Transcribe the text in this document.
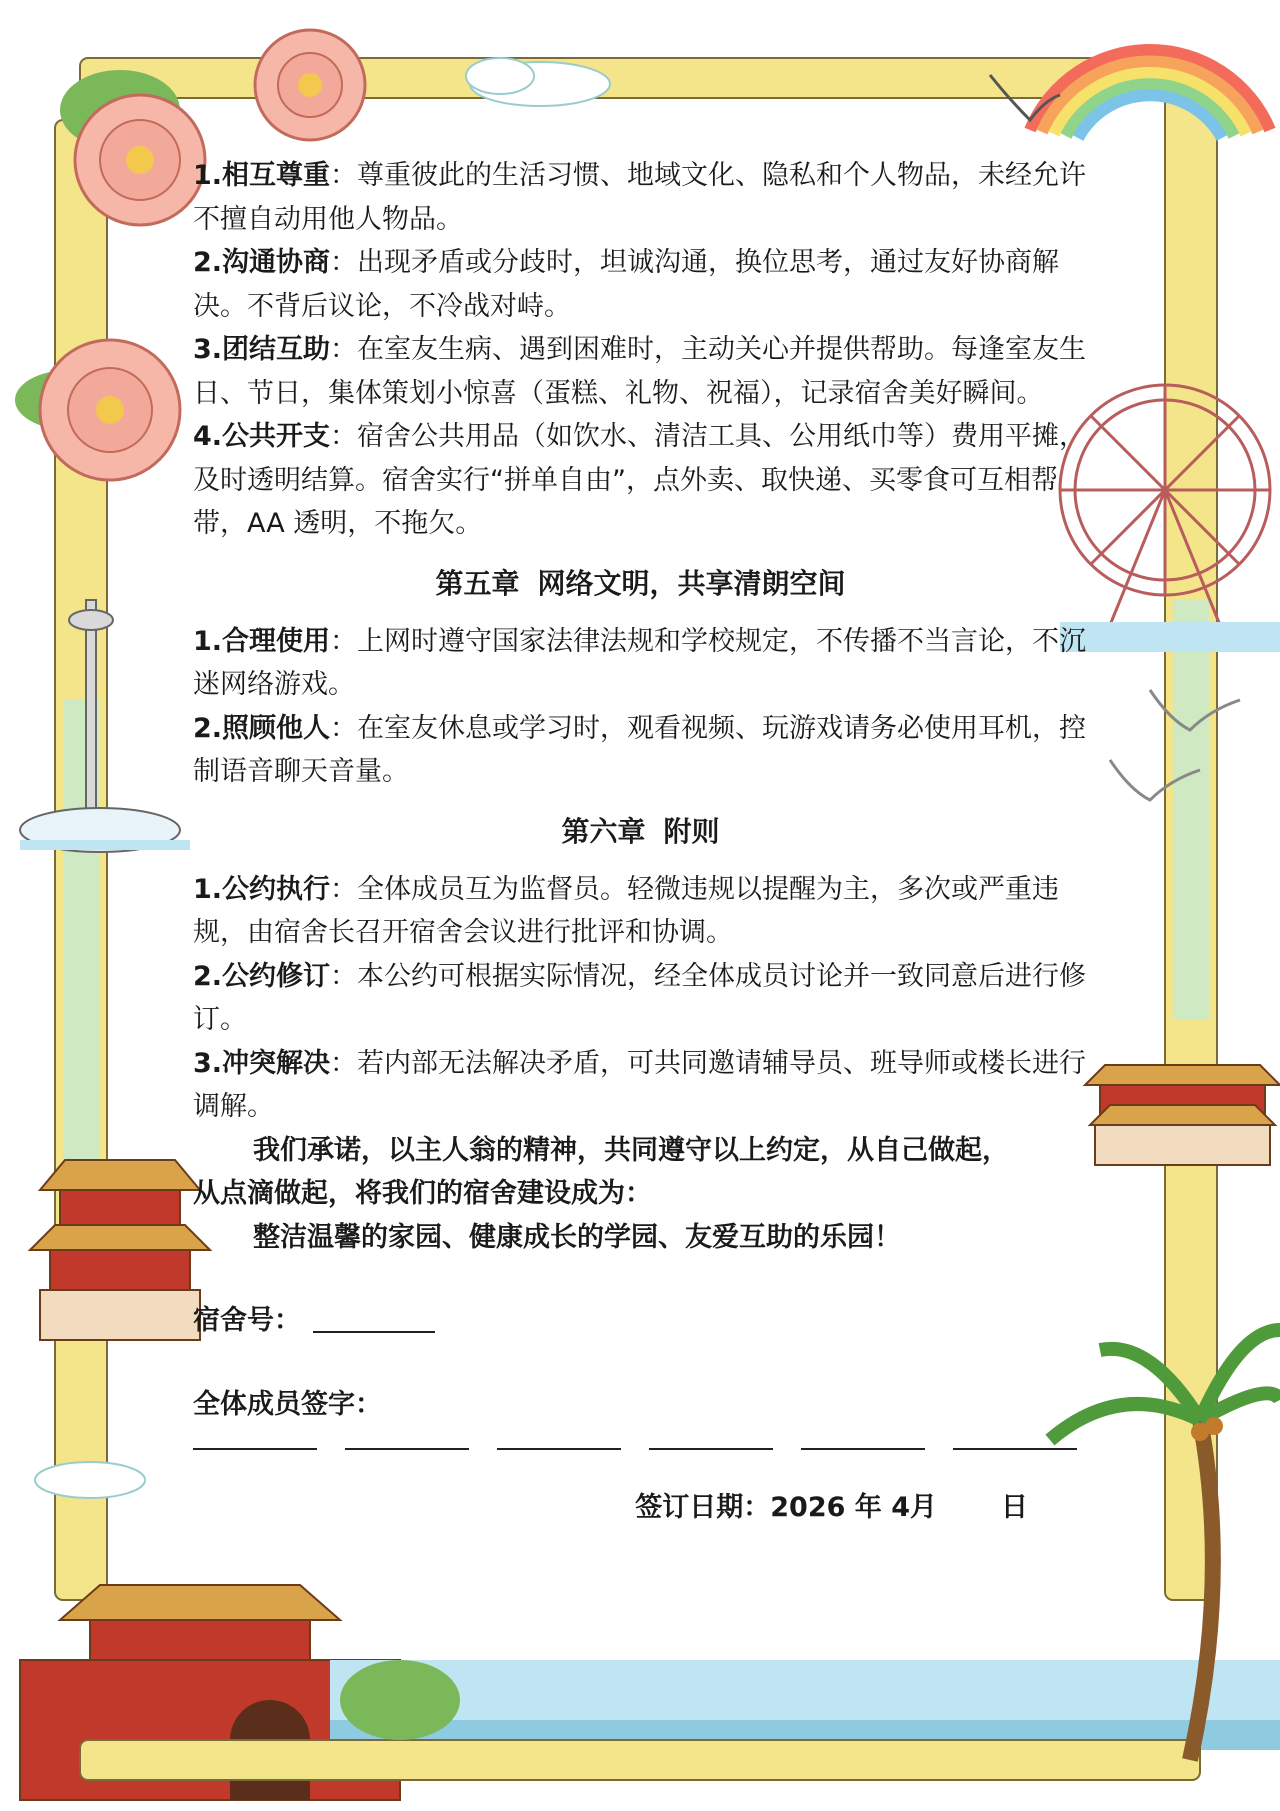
1.相互尊重：尊重彼此的生活习惯、地域文化、隐私和个人物品，未经允许不擅自动用他人物品。

2.沟通协商：出现矛盾或分歧时，坦诚沟通，换位思考，通过友好协商解决。不背后议论，不冷战对峙。

3.团结互助：在室友生病、遇到困难时，主动关心并提供帮助。每逢室友生日、节日，集体策划小惊喜（蛋糕、礼物、祝福），记录宿舍美好瞬间。

4.公共开支：宿舍公共用品（如饮水、清洁工具、公用纸巾等）费用平摊，及时透明结算。宿舍实行“拼单自由”，点外卖、取快递、买零食可互相帮带，AA 透明，不拖欠。

第五章 网络文明，共享清朗空间

1.合理使用：上网时遵守国家法律法规和学校规定，不传播不当言论，不沉迷网络游戏。

2.照顾他人：在室友休息或学习时，观看视频、玩游戏请务必使用耳机，控制语音聊天音量。

第六章 附则

1.公约执行：全体成员互为监督员。轻微违规以提醒为主，多次或严重违规，由宿舍长召开宿舍会议进行批评和协调。

2.公约修订：本公约可根据实际情况，经全体成员讨论并一致同意后进行修订。

3.冲突解决：若内部无法解决矛盾，可共同邀请辅导员、班导师或楼长进行调解。

我们承诺，以主人翁的精神，共同遵守以上约定，从自己做起，

从点滴做起，将我们的宿舍建设成为：

整洁温馨的家园、健康成长的学园、友爱互助的乐园！

宿舍号：
全体成员签字：
签订日期：2026 年 4月 日
